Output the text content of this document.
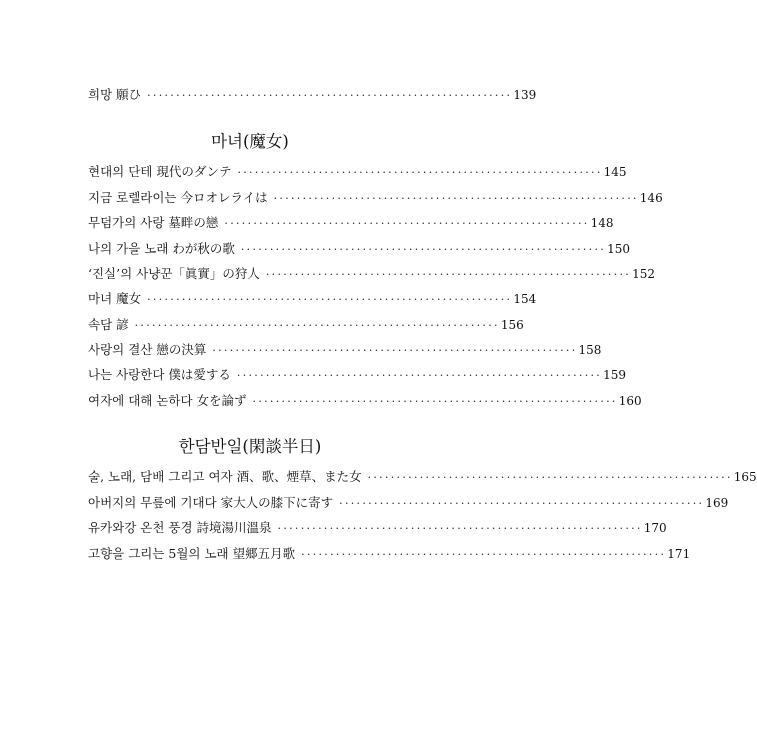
희망 願ひ ······························································· 139
마녀(魔女)
현대의 단테 現代のダンテ ······························································· 145
지금 로렐라이는 今ロオレライは ······························································· 146
무덤가의 사랑 墓畔の戀 ······························································· 148
나의 가을 노래 わが秋の歌 ······························································· 150
‘진실’의 사냥꾼「眞實」の狩人 ······························································· 152
마녀 魔女 ······························································· 154
속담 諺 ······························································· 156
사랑의 결산 戀の決算 ······························································· 158
나는 사랑한다 僕は愛する ······························································· 159
여자에 대해 논하다 女を論ず ······························································· 160
한담반일(閑談半日)
술, 노래, 담배 그리고 여자 酒、歌、煙草、また女 ······························································· 165
아버지의 무릎에 기대다 家大人の膝下に寄す ······························································· 169
유카와강 온천 풍경 詩境湯川溫泉 ······························································· 170
고향을 그리는 5월의 노래 望郷五月歌 ······························································· 171
